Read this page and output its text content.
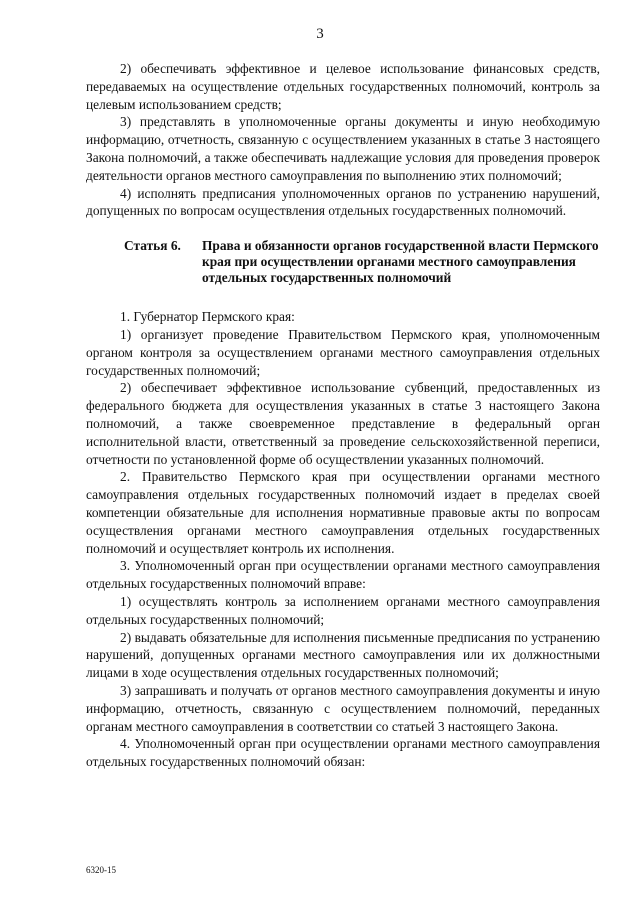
3

2) обеспечивать эффективное и целевое использование финансовых средств, передаваемых на осуществление отдельных государственных полномочий, контроль за целевым использованием средств;

3) представлять в уполномоченные органы документы и иную необходимую информацию, отчетность, связанную с осуществлением указанных в статье 3 настоящего Закона полномочий, а также обеспечивать надлежащие условия для проведения проверок деятельности органов местного самоуправления по выполнению этих полномочий;

4) исполнять предписания уполномоченных органов по устранению нарушений, допущенных по вопросам осуществления отдельных государственных полномочий.

Статья 6.	Права и обязанности органов государственной власти Пермского края при осуществлении органами местного самоуправления отдельных государственных полномочий

1. Губернатор Пермского края:

1) организует проведение Правительством Пермского края, уполномоченным органом контроля за осуществлением органами местного самоуправления отдельных государственных полномочий;

2) обеспечивает эффективное использование субвенций, предоставленных из федерального бюджета для осуществления указанных в статье 3 настоящего Закона полномочий, а также своевременное представление в федеральный орган исполнительной власти, ответственный за проведение сельскохозяйственной переписи, отчетности по установленной форме об осуществлении указанных полномочий.

2. Правительство Пермского края при осуществлении органами местного самоуправления отдельных государственных полномочий издает в пределах своей компетенции обязательные для исполнения нормативные правовые акты по вопросам осуществления органами местного самоуправления отдельных государственных полномочий и осуществляет контроль их исполнения.

3. Уполномоченный орган при осуществлении органами местного самоуправления отдельных государственных полномочий вправе:

1) осуществлять контроль за исполнением органами местного самоуправления отдельных государственных полномочий;

2) выдавать обязательные для исполнения письменные предписания по устранению нарушений, допущенных органами местного самоуправления или их должностными лицами в ходе осуществления отдельных государственных полномочий;

3) запрашивать и получать от органов местного самоуправления документы и иную информацию, отчетность, связанную с осуществлением полномочий, переданных органам местного самоуправления в соответствии со статьей 3 настоящего Закона.

4. Уполномоченный орган при осуществлении органами местного самоуправления отдельных государственных полномочий обязан:

6320-15
